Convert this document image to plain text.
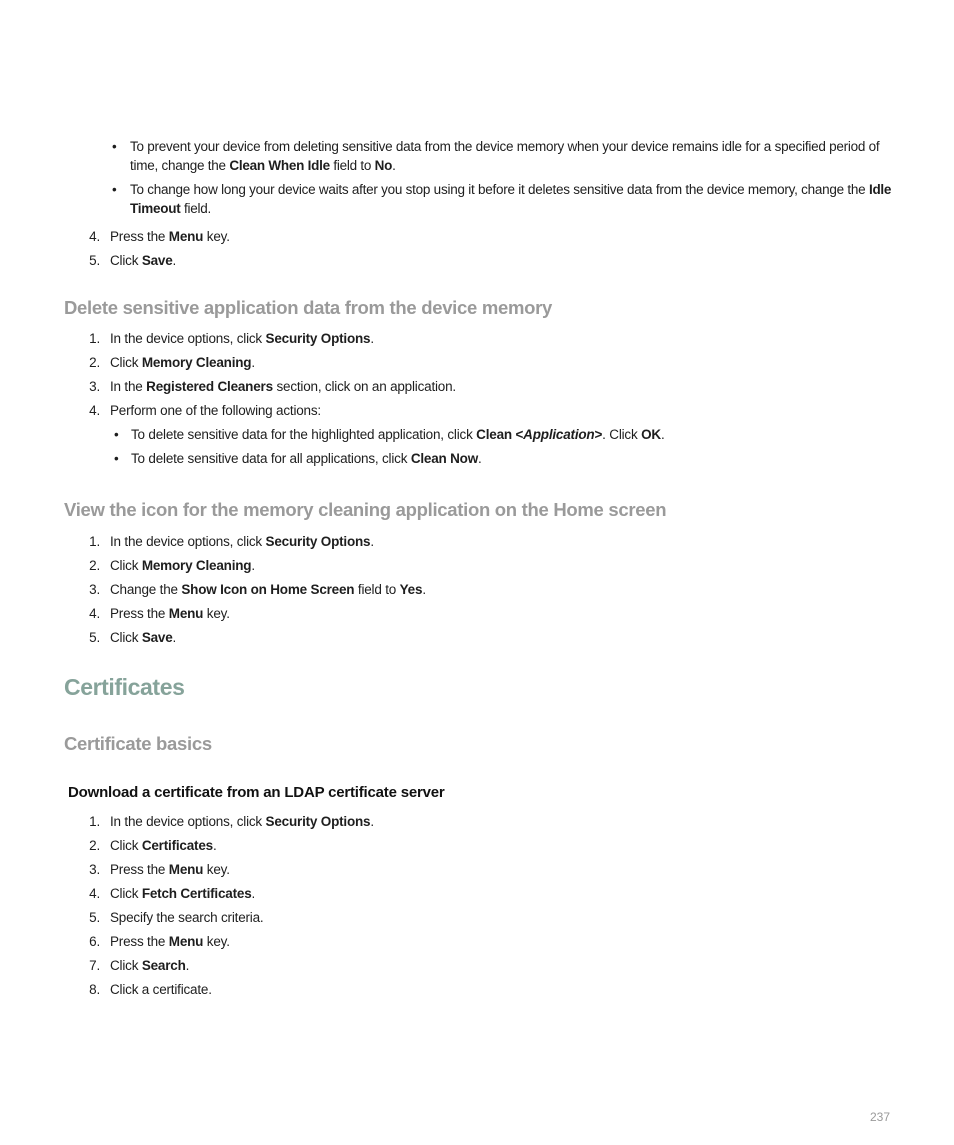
• To prevent your device from deleting sensitive data from the device memory when your device remains idle for a specified period of time, change the Clean When Idle field to No.
• To change how long your device waits after you stop using it before it deletes sensitive data from the device memory, change the Idle Timeout field.
4. Press the Menu key.
5. Click Save.
Delete sensitive application data from the device memory
1. In the device options, click Security Options.
2. Click Memory Cleaning.
3. In the Registered Cleaners section, click on an application.
4. Perform one of the following actions:
• To delete sensitive data for the highlighted application, click Clean <Application>. Click OK.
• To delete sensitive data for all applications, click Clean Now.
View the icon for the memory cleaning application on the Home screen
1. In the device options, click Security Options.
2. Click Memory Cleaning.
3. Change the Show Icon on Home Screen field to Yes.
4. Press the Menu key.
5. Click Save.
Certificates
Certificate basics
Download a certificate from an LDAP certificate server
1. In the device options, click Security Options.
2. Click Certificates.
3. Press the Menu key.
4. Click Fetch Certificates.
5. Specify the search criteria.
6. Press the Menu key.
7. Click Search.
8. Click a certificate.
237
